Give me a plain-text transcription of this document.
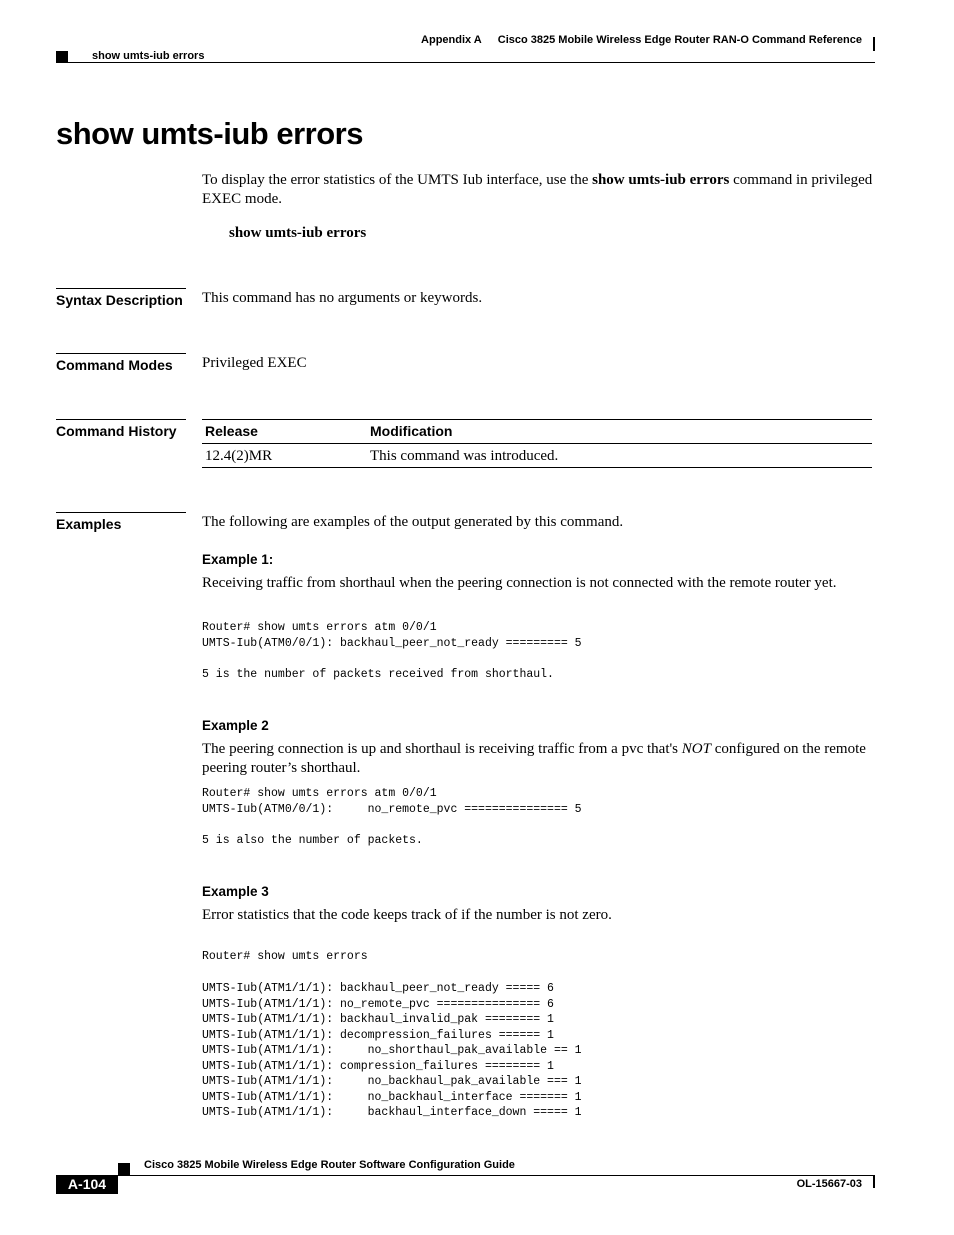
Appendix A Cisco 3825 Mobile Wireless Edge Router RAN-O Command Reference
show umts-iub errors
show umts-iub errors
To display the error statistics of the UMTS Iub interface, use the show umts-iub errors command in privileged EXEC mode.
show umts-iub errors
Syntax Description This command has no arguments or keywords.
Command Modes	Privileged EXEC
Command History	Release	Modification
12.4(2)MR	This command was introduced.
Examples	The following are examples of the output generated by this command.
Example 1:
Receiving traffic from shorthaul when the peering connection is not connected with the remote router yet.
Router# show umts errors atm 0/0/1
UMTS-Iub(ATM0/0/1): backhaul_peer_not_ready ========= 5
5 is the number of packets received from shorthaul.
Example 2
The peering connection is up and shorthaul is receiving traffic from a pvc that's NOT configured on the remote peering router’s shorthaul.
Router# show umts errors atm 0/0/1
UMTS-Iub(ATM0/0/1):     no_remote_pvc =============== 5
5 is also the number of packets.
Example 3
Error statistics that the code keeps track of if the number is not zero.
Router# show umts errors
UMTS-Iub(ATM1/1/1): backhaul_peer_not_ready ===== 6
UMTS-Iub(ATM1/1/1): no_remote_pvc =============== 6
UMTS-Iub(ATM1/1/1): backhaul_invalid_pak ======== 1
UMTS-Iub(ATM1/1/1): decompression_failures ====== 1
UMTS-Iub(ATM1/1/1):     no_shorthaul_pak_available == 1
UMTS-Iub(ATM1/1/1): compression_failures ======== 1
UMTS-Iub(ATM1/1/1):     no_backhaul_pak_available === 1
UMTS-Iub(ATM1/1/1):     no_backhaul_interface ======= 1
UMTS-Iub(ATM1/1/1):     backhaul_interface_down ===== 1
Cisco 3825 Mobile Wireless Edge Router Software Configuration Guide
A-104	OL-15667-03
